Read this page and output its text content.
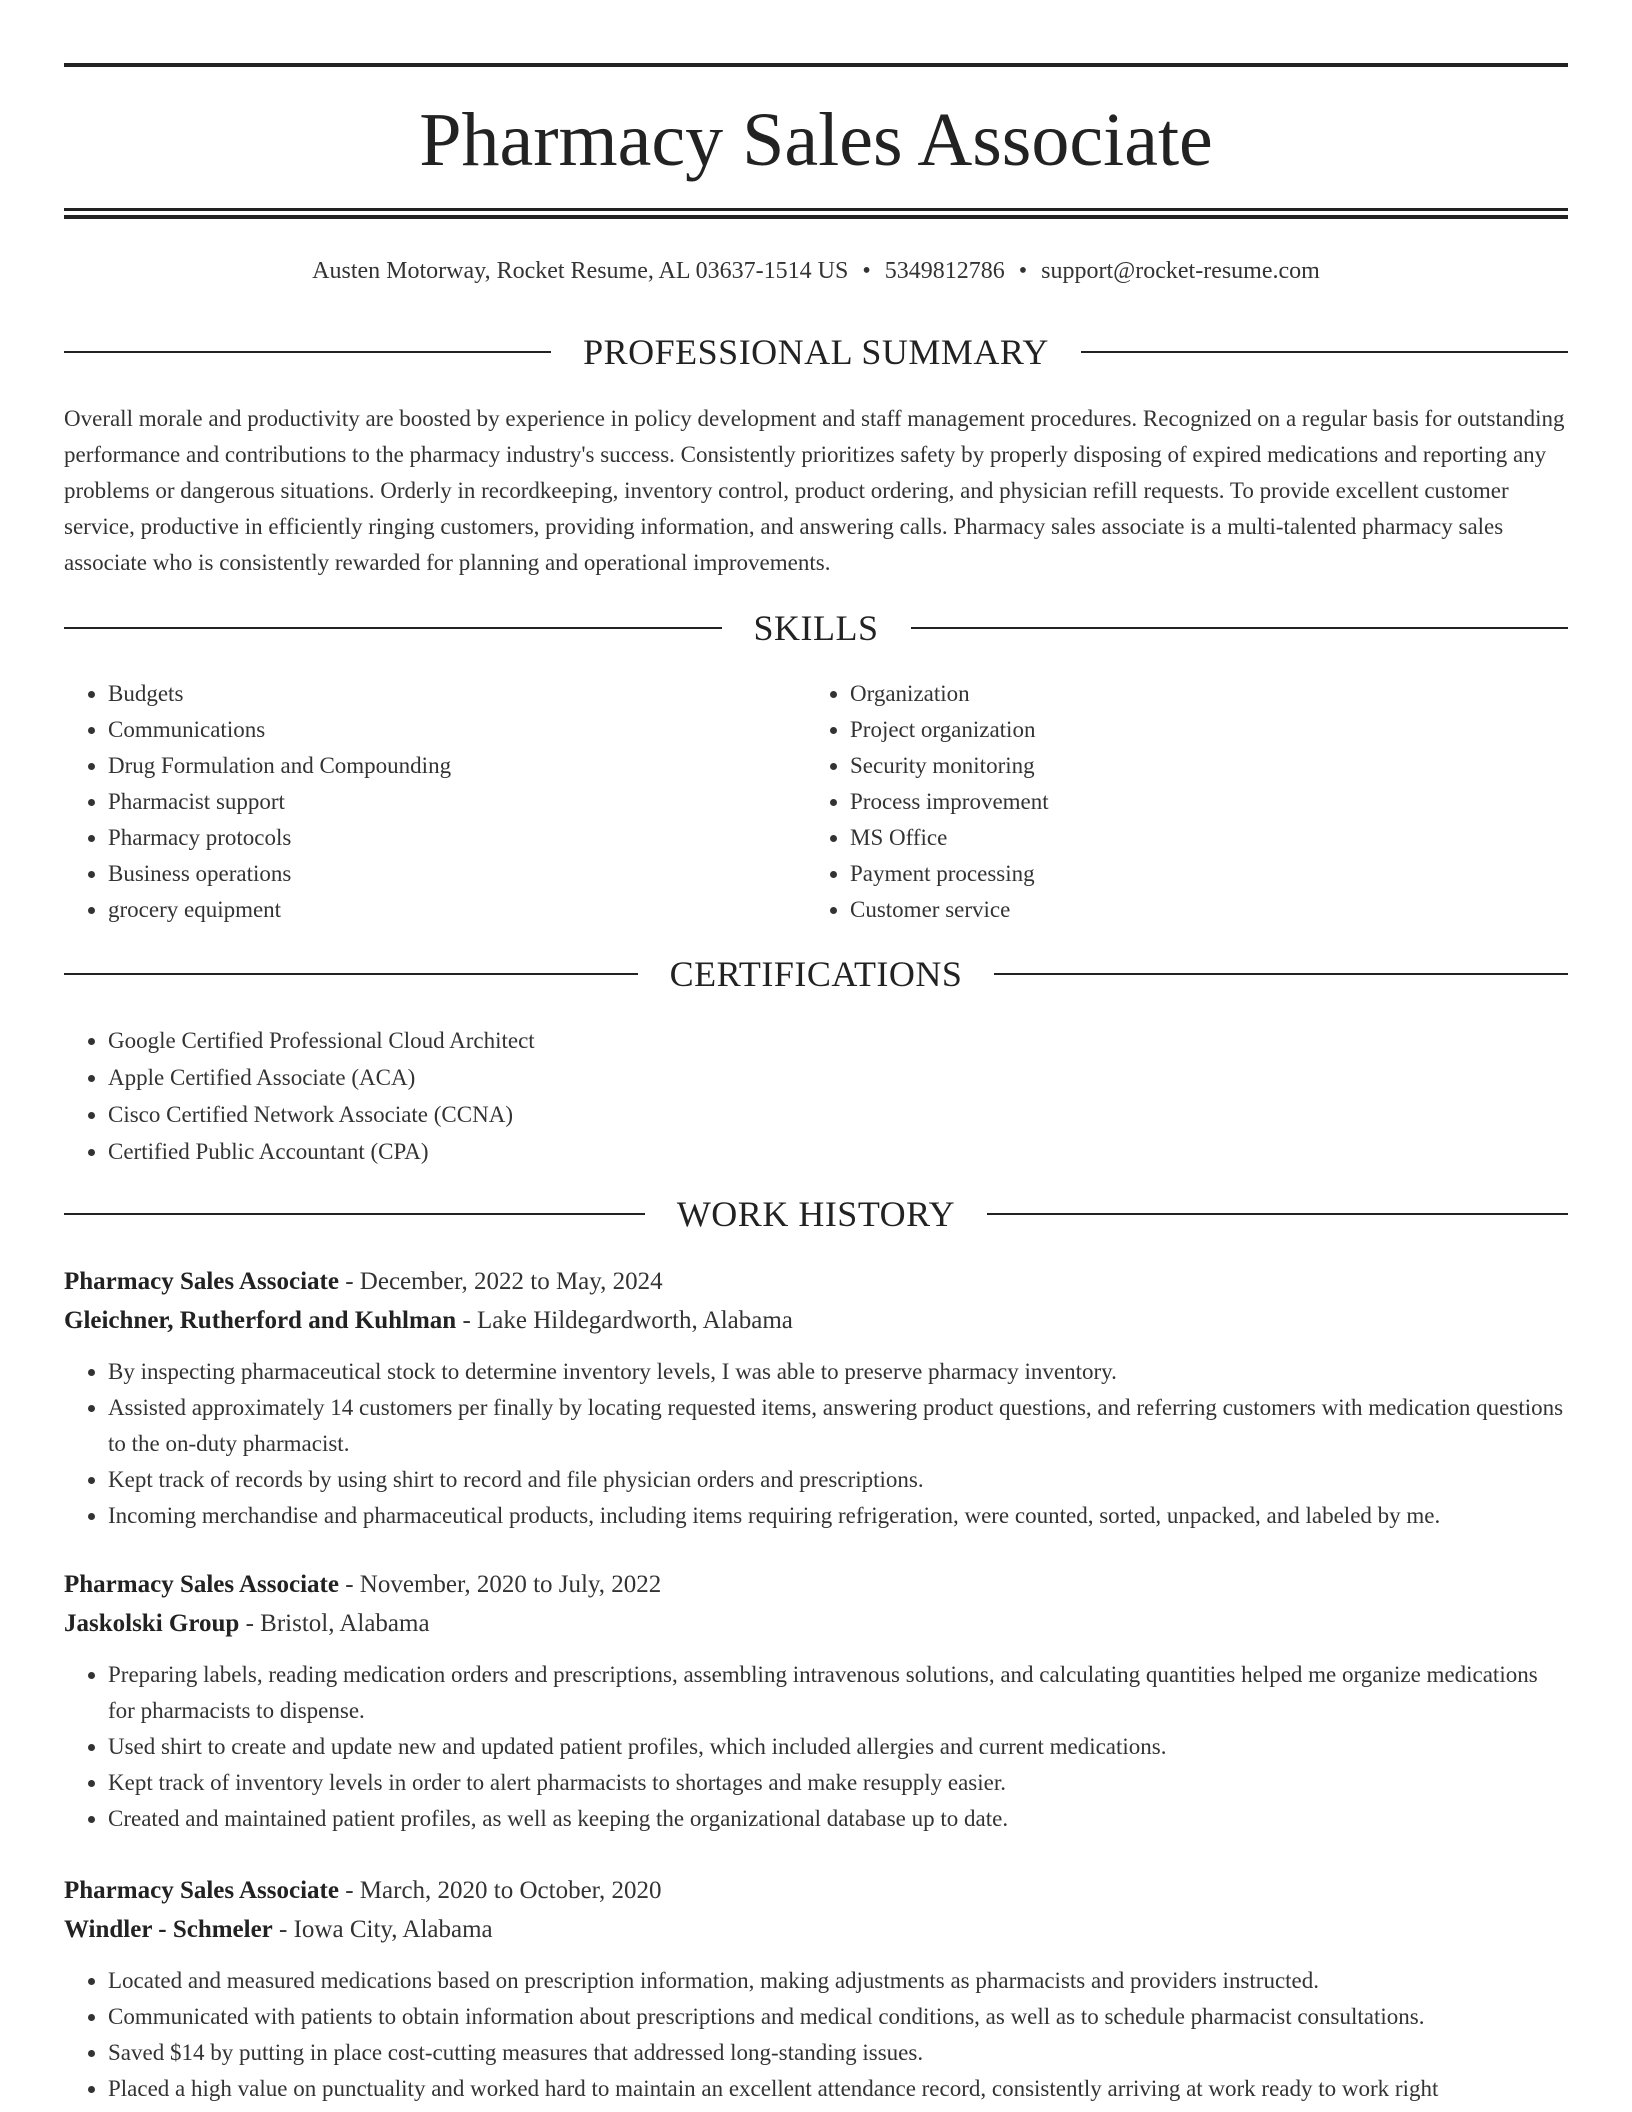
Pharmacy Sales Associate
Austen Motorway, Rocket Resume, AL 03637-1514 US • 5349812786 • support@rocket-resume.com
PROFESSIONAL SUMMARY

Overall morale and productivity are boosted by experience in policy development and staff management procedures. Recognized on a regular basis for outstanding performance and contributions to the pharmacy industry's success. Consistently prioritizes safety by properly disposing of expired medications and reporting any problems or dangerous situations. Orderly in recordkeeping, inventory control, product ordering, and physician refill requests. To provide excellent customer service, productive in efficiently ringing customers, providing information, and answering calls. Pharmacy sales associate is a multi-talented pharmacy sales associate who is consistently rewarded for planning and operational improvements.

SKILLS
• Budgets
• Communications
• Drug Formulation and Compounding
• Pharmacist support
• Pharmacy protocols
• Business operations
• grocery equipment
• Organization
• Project organization
• Security monitoring
• Process improvement
• MS Office
• Payment processing
• Customer service
CERTIFICATIONS
• Google Certified Professional Cloud Architect
• Apple Certified Associate (ACA)
• Cisco Certified Network Associate (CCNA)
• Certified Public Accountant (CPA)
WORK HISTORY
Pharmacy Sales Associate - December, 2022 to May, 2024
Gleichner, Rutherford and Kuhlman - Lake Hildegardworth, Alabama
• By inspecting pharmaceutical stock to determine inventory levels, I was able to preserve pharmacy inventory.
• Assisted approximately 14 customers per finally by locating requested items, answering product questions, and referring customers with medication questions to the on-duty pharmacist.
• Kept track of records by using shirt to record and file physician orders and prescriptions.
• Incoming merchandise and pharmaceutical products, including items requiring refrigeration, were counted, sorted, unpacked, and labeled by me.
Pharmacy Sales Associate - November, 2020 to July, 2022
Jaskolski Group - Bristol, Alabama
• Preparing labels, reading medication orders and prescriptions, assembling intravenous solutions, and calculating quantities helped me organize medications for pharmacists to dispense.
• Used shirt to create and update new and updated patient profiles, which included allergies and current medications.
• Kept track of inventory levels in order to alert pharmacists to shortages and make resupply easier.
• Created and maintained patient profiles, as well as keeping the organizational database up to date.
Pharmacy Sales Associate - March, 2020 to October, 2020
Windler - Schmeler - Iowa City, Alabama
• Located and measured medications based on prescription information, making adjustments as pharmacists and providers instructed.
• Communicated with patients to obtain information about prescriptions and medical conditions, as well as to schedule pharmacist consultations.
• Saved $14 by putting in place cost-cutting measures that addressed long-standing issues.
• Placed a high value on punctuality and worked hard to maintain an excellent attendance record, consistently arriving at work ready to work right
